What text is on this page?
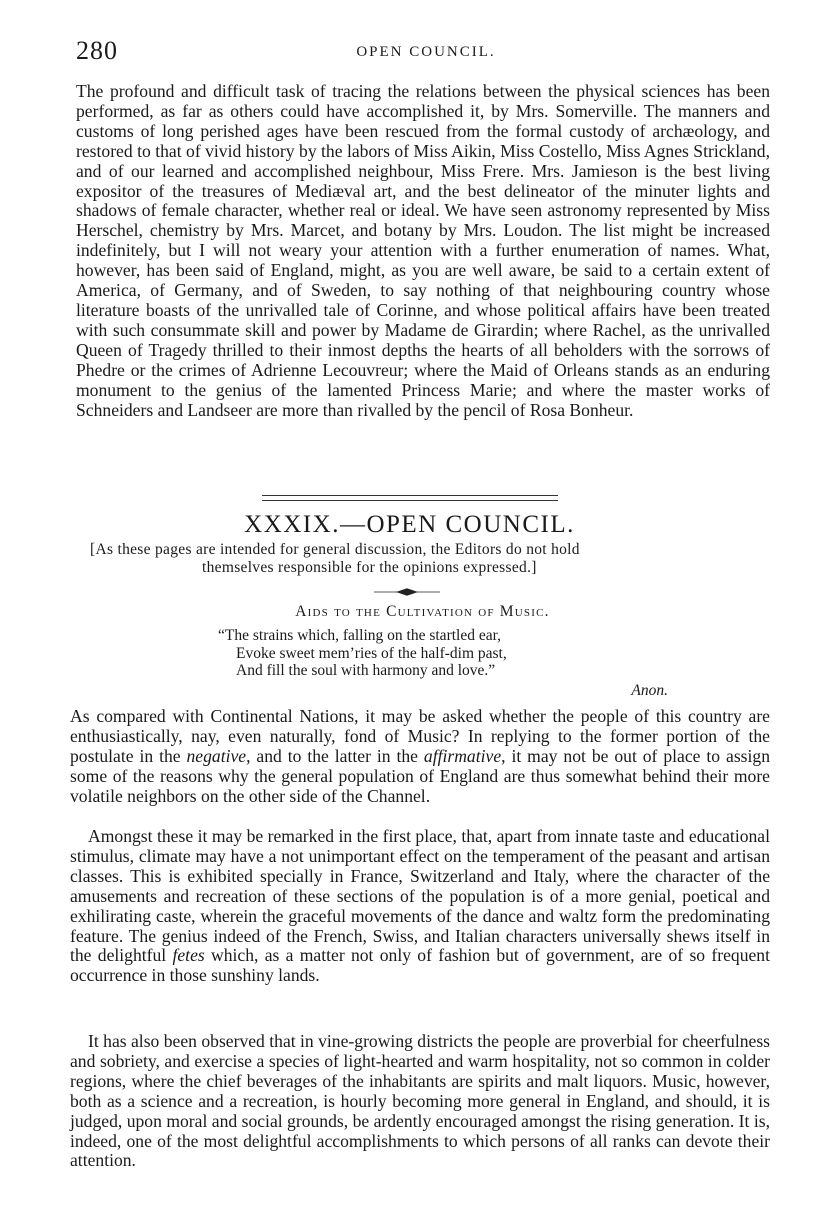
280	OPEN COUNCIL.

The profound and difficult task of tracing the relations between the physical sciences has been performed, as far as others could have accomplished it, by Mrs. Somerville. The manners and customs of long perished ages have been rescued from the formal custody of archæology, and restored to that of vivid history by the labors of Miss Aikin, Miss Costello, Miss Agnes Strickland, and of our learned and accomplished neighbour, Miss Frere. Mrs. Jamieson is the best living expositor of the treasures of Mediæval art, and the best delineator of the minuter lights and shadows of female character, whether real or ideal. We have seen astronomy represented by Miss Herschel, chemistry by Mrs. Marcet, and botany by Mrs. Loudon. The list might be increased indefinitely, but I will not weary your attention with a further enumeration of names. What, however, has been said of England, might, as you are well aware, be said to a certain extent of America, of Germany, and of Sweden, to say nothing of that neighbouring country whose literature boasts of the unrivalled tale of Corinne, and whose political affairs have been treated with such consummate skill and power by Madame de Girardin; where Rachel, as the unrivalled Queen of Tragedy thrilled to their inmost depths the hearts of all beholders with the sorrows of Phedre or the crimes of Adrienne Lecouvreur; where the Maid of Orleans stands as an enduring monument to the genius of the lamented Princess Marie; and where the master works of Schneiders and Landseer are more than rivalled by the pencil of Rosa Bonheur.

XXXIX.—OPEN COUNCIL.
[As these pages are intended for general discussion, the Editors do not hold
themselves responsible for the opinions expressed.]
Aids to the Cultivation of Music.
“The strains which, falling on the startled ear,
Evoke sweet mem’ries of the half-dim past,
And fill the soul with harmony and love.”
Anon.

As compared with Continental Nations, it may be asked whether the people of this country are enthusiastically, nay, even naturally, fond of Music? In replying to the former portion of the postulate in the negative, and to the latter in the affirmative, it may not be out of place to assign some of the reasons why the general population of England are thus somewhat behind their more volatile neighbors on the other side of the Channel.

Amongst these it may be remarked in the first place, that, apart from innate taste and educational stimulus, climate may have a not unimportant effect on the temperament of the peasant and artisan classes. This is exhibited specially in France, Switzerland and Italy, where the character of the amusements and recreation of these sections of the population is of a more genial, poetical and exhilirating caste, wherein the graceful movements of the dance and waltz form the predominating feature. The genius indeed of the French, Swiss, and Italian characters universally shews itself in the delightful fetes which, as a matter not only of fashion but of government, are of so frequent occurrence in those sunshiny lands.

It has also been observed that in vine-growing districts the people are proverbial for cheerfulness and sobriety, and exercise a species of light-hearted and warm hospitality, not so common in colder regions, where the chief beverages of the inhabitants are spirits and malt liquors. Music, however, both as a science and a recreation, is hourly becoming more general in England, and should, it is judged, upon moral and social grounds, be ardently encouraged amongst the rising generation. It is, indeed, one of the most delightful accomplishments to which persons of all ranks can devote their attention.
